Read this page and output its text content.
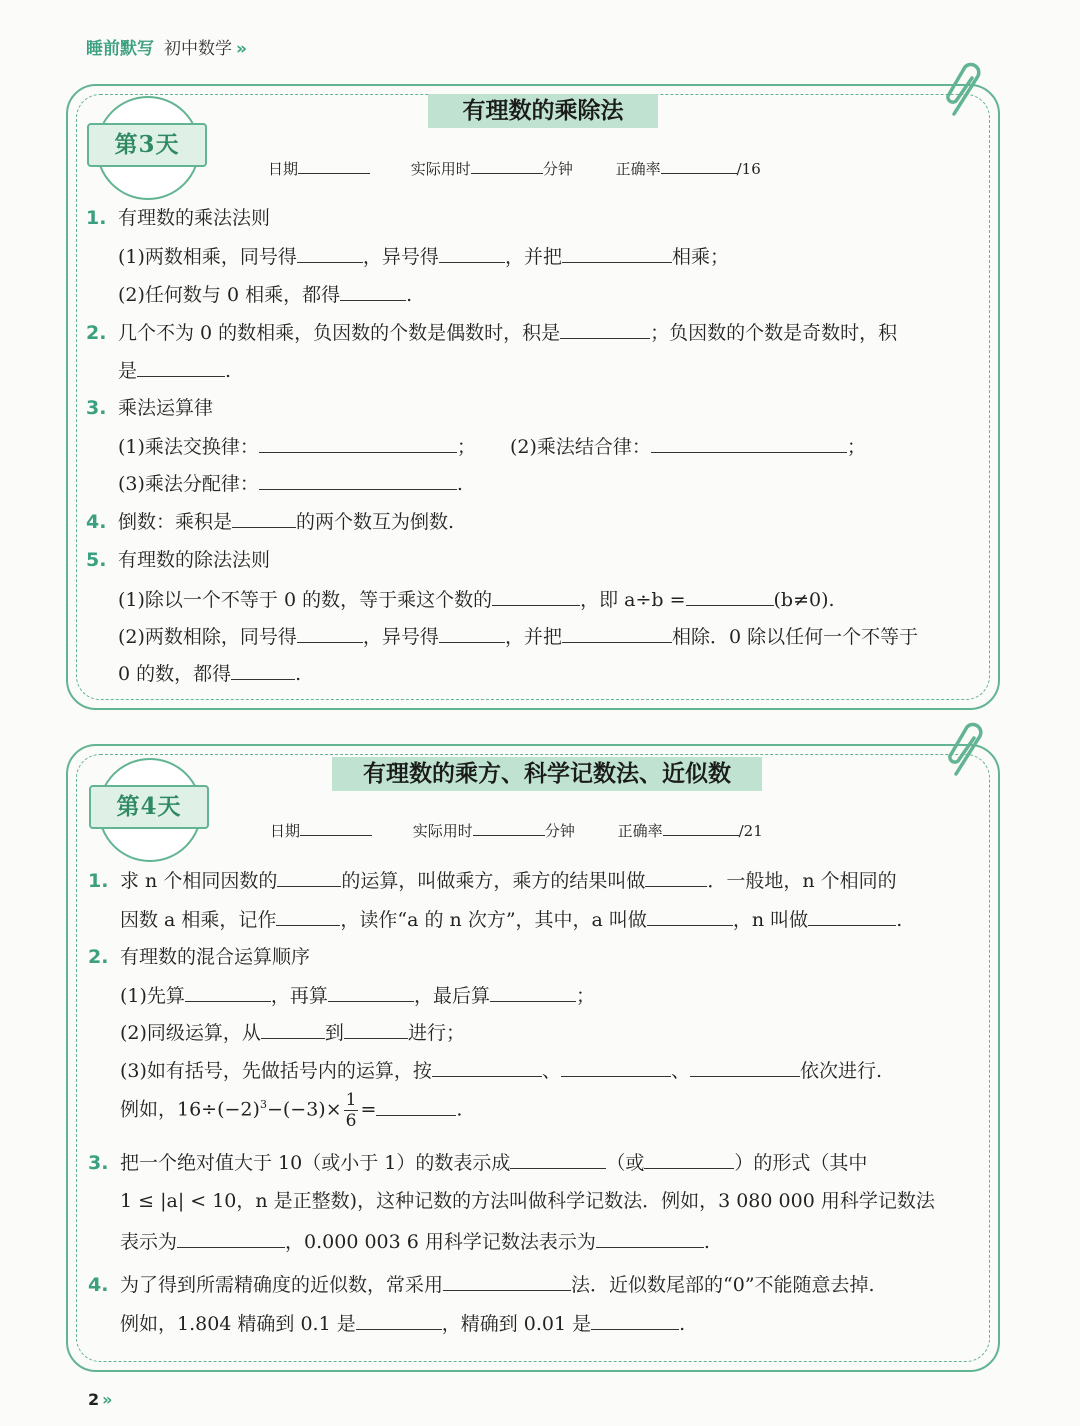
睡前默写 初中数学 »
有理数的乘除法
第3天
日期	实际用时	分钟	正确率	/16
1. 有理数的乘法法则
(1)两数相乘，同号得	，异号得	，并把	相乘；
(2)任何数与 0 相乘，都得	.
2. 几个不为 0 的数相乘，负因数的个数是偶数时，积是	；负因数的个数是奇数时，积
是	.
3. 乘法运算律
(1)乘法交换律：	； (2)乘法结合律：	；
(3)乘法分配律：	.
4. 倒数：乘积是	的两个数互为倒数.
5. 有理数的除法法则
(1)除以一个不等于 0 的数，等于乘这个数的	，即 a÷b =	(b≠0).
(2)两数相除，同号得	，异号得	，并把	相除．0 除以任何一个不等于
0 的数，都得	.
有理数的乘方、科学记数法、近似数
第4天
日期	实际用时	分钟	正确率	/21
1. 求 n 个相同因数的	的运算，叫做乘方，乘方的结果叫做	．一般地，n 个相同的
因数 a 相乘，记作	，读作“a 的 n 次方”，其中，a 叫做	，n 叫做	.
2. 有理数的混合运算顺序
(1)先算	，再算	，最后算	；
(2)同级运算，从	到	进行；
(3)如有括号，先做括号内的运算，按	、	、	依次进行.
例如，$16\div(-2)^3-(-3)\times \frac{1}{6}$ =	.
3. 把一个绝对值大于 10（或小于 1）的数表示成	（或	）的形式（其中
1 ≤ |a| < 10，n 是正整数)，这种记数的方法叫做科学记数法．例如，3 080 000 用科学记数法
表示为	，0.000 003 6 用科学记数法表示为	.
4. 为了得到所需精确度的近似数，常采用	法．近似数尾部的“0”不能随意去掉.
例如，1.804 精确到 0.1 是	，精确到 0.01 是	.
2 »
